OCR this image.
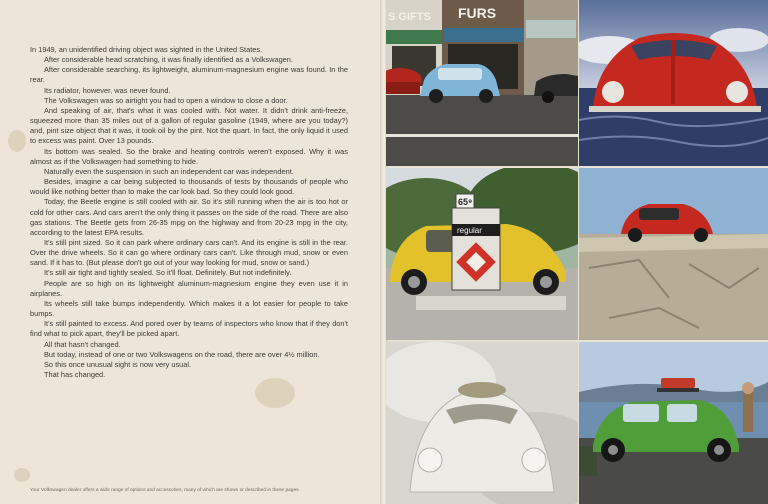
In 1949, an unidentified driving object was sighted in the United States.

After considerable head scratching, it was finally identified as a Volkswagen.

After considerable searching, its lightweight, aluminum-magnesium engine was found. In the rear.

Its radiator, however, was never found.

The Volkswagen was so airtight you had to open a window to close a door.

And speaking of air, that's what it was cooled with. Not water. It didn't drink anti-freeze, squeezed more than 35 miles out of a gallon of regular gasoline (1949, where are you today?) and, pint size object that it was, it took oil by the pint. Not the quart. In fact, the only liquid it used to excess was paint. Over 13 pounds.

Its bottom was sealed. So the brake and heating controls weren't exposed. Why it was almost as if the Volkswagen had something to hide.

Naturally even the suspension in such an independent car was independent.

Besides, imagine a car being subjected to thousands of tests by thousands of people who would like nothing better than to make the car look bad. So they could look good.

Today, the Beetle engine is still cooled with air. So it's still running when the air is too hot or cold for other cars. And cars aren't the only thing it passes on the side of the road. There are also gas stations. The Beetle gets from 26-35 mpg on the highway and from 20-23 mpg in the city, according to the latest EPA results.

It's still pint sized. So it can park where ordinary cars can't. And its engine is still in the rear. Over the drive wheels. So it can go where ordinary cars can't. Like through mud, snow or even sand. If it has to. (But please don't go out of your way looking for mud, snow or sand.)

It's still air tight and tightly sealed. So it'll float. Definitely. But not indefinitely.

People are so high on its lightweight aluminum-magnesium engine they even use it in airplanes.

Its wheels still take bumps independently. Which makes it a lot easier for people to take bumps.

It's still painted to excess. And pored over by teams of inspectors who know that if they don't find what to pick apart, they'll be picked apart.

All that hasn't changed.

But today, instead of one or two Volkswagens on the road, there are over 4½ million.

So this once unusual sight is now very usual.

That has changed.

Your Volkswagen dealer offers a wide range of options and accessories, many of which are shown or described in these pages.
S GIFTS FURS
65⁹
regular
